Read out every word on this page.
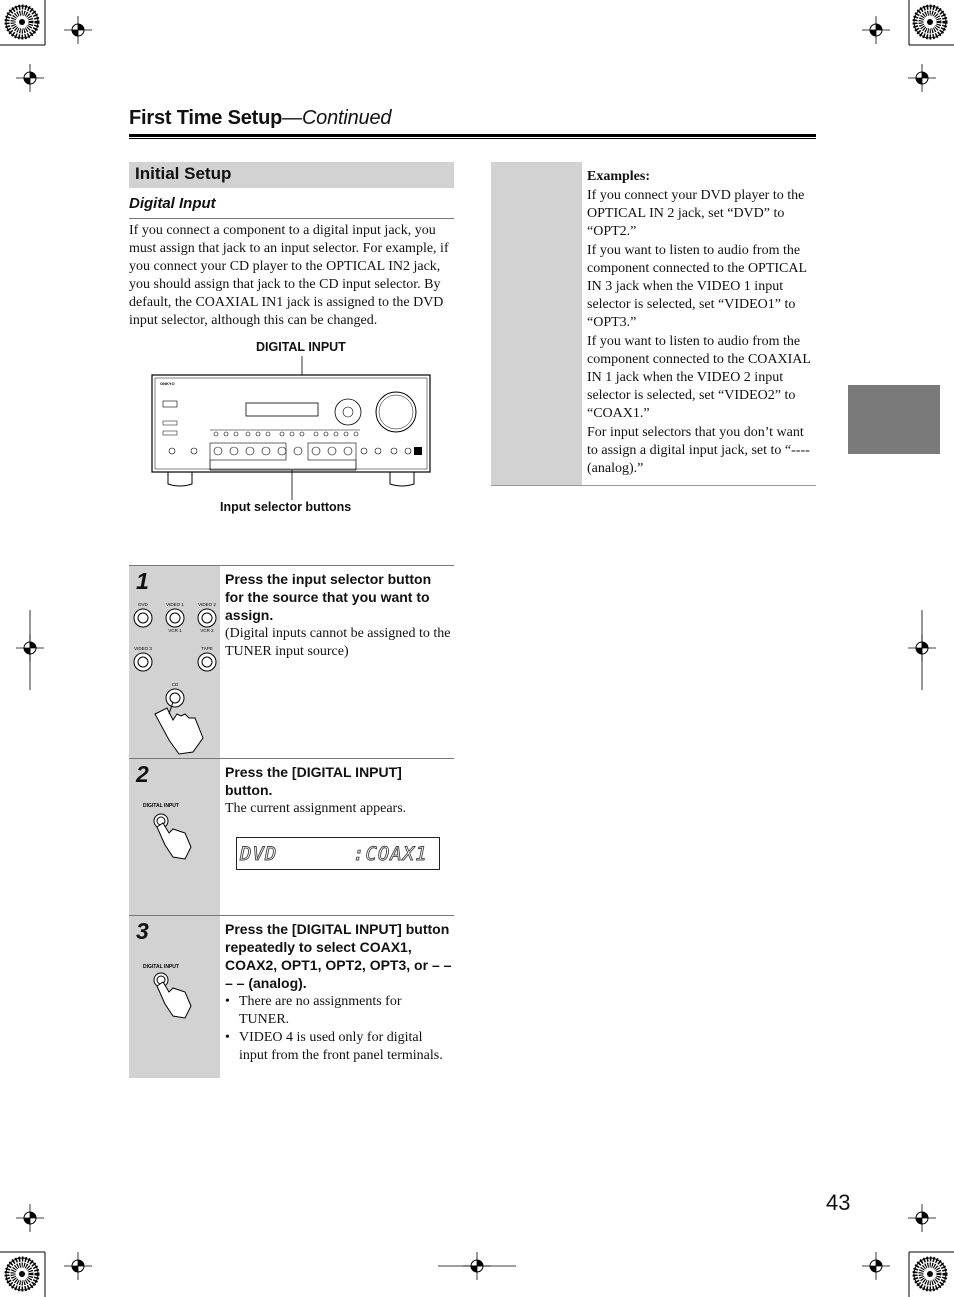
First Time Setup—Continued
Initial Setup
Digital Input

If you connect a component to a digital input jack, you must assign that jack to an input selector. For example, if you connect your CD player to the OPTICAL IN2 jack, you should assign that jack to the CD input selector. By default, the COAXIAL IN1 jack is assigned to the DVD input selector, although this can be changed.

DIGITAL INPUT
ONKYO
Input selector buttons
1
DVD	VIDEO 1	VIDEO 2
VCR 1	VCR 2
VIDEO 3	TAPE
CD

Press the input selector button for the source that you want to assign.

(Digital inputs cannot be assigned to the TUNER input source)

2
DIGITAL INPUT

Press the [DIGITAL INPUT] button.

The current assignment appears.

DVD	:COAX1
3
DIGITAL INPUT

Press the [DIGITAL INPUT] button repeatedly to select COAX1, COAX2, OPT1, OPT2, OPT3, or – – – – (analog).

• There are no assignments for TUNER.
• VIDEO 4 is used only for digital input from the front panel terminals.

Examples:

If you connect your DVD player to the OPTICAL IN 2 jack, set “DVD” to “OPT2.”

If you want to listen to audio from the component connected to the OPTICAL IN 3 jack when the VIDEO 1 input selector is selected, set “VIDEO1” to “OPT3.”

If you want to listen to audio from the component connected to the COAXIAL IN 1 jack when the VIDEO 2 input selector is selected, set “VIDEO2” to “COAX1.”

For input selectors that you don’t want to assign a digital input jack, set to “---- (analog).”

43
